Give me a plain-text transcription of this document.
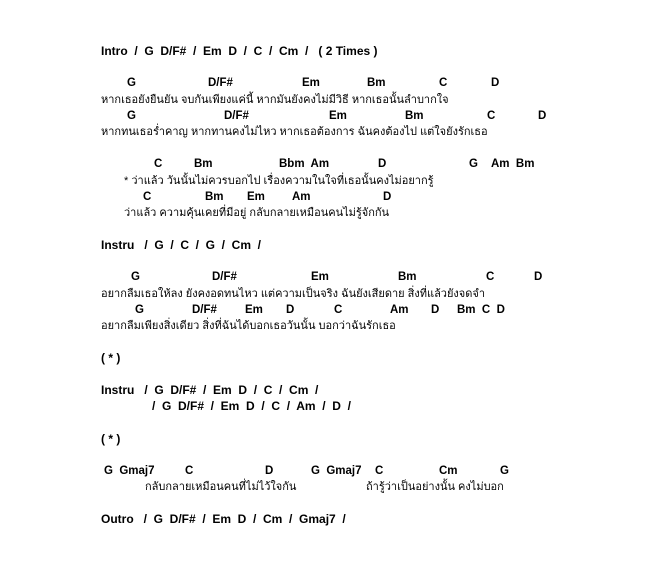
Intro  /  G  D/F#  /  Em  D  /  C  /  Cm  /   ( 2 Times )
G	D/F#	Em	Bm	C	D
หากเธอยังยืนยัน จบกันเพียงแค่นี้ หากมันยังคงไม่มีวิธี หากเธอนั้นลำบากใจ
G	D/F#	Em	Bm	C	D
หากทนเธอร่ำคาญ หากทานคงไม่ไหว หากเธอต้องการ ฉันคงต้องไป แต่ใจยังรักเธอ
C	Bm	Bbm  Am	D	G Am  Bm
* ว่าแล้ว วันนั้นไม่ควรบอกไป เรื่องความในใจที่เธอนั้นคงไม่อยากรู้
C	Bm Em Am	D
ว่าแล้ว ความคุ้นเคยที่มีอยู่ กลับกลายเหมือนคนไม่รู้จักกัน
Instru   /  G  /  C  /  G  /  Cm  /
G	D/F#	Em	Bm	C	D
อยากลืมเธอให้ลง ยังคงอดทนไหว แต่ความเป็นจริง ฉันยังเสียดาย สิ่งที่แล้วยังจดจำ
G	D/F# Em D	C	Am D Bm  C  D
อยากลืมเพียงสิ่งเดียว สิ่งที่ฉันได้บอกเธอวันนั้น บอกว่าฉันรักเธอ
( * )
Instru   /  G  D/F#  /  Em  D  /  C  /  Cm  /
/  G  D/F#  /  Em  D  /  C  /  Am  /  D  /
( * )
G  Gmaj7	C	D	G  Gmaj7 C	Cm	G
กลับกลายเหมือนคนที่ไม่ไว้ใจกัน	ถ้ารู้ว่าเป็นอย่างนั้น คงไม่บอก
Outro   /  G  D/F#  /  Em  D  /  Cm  /  Gmaj7  /
